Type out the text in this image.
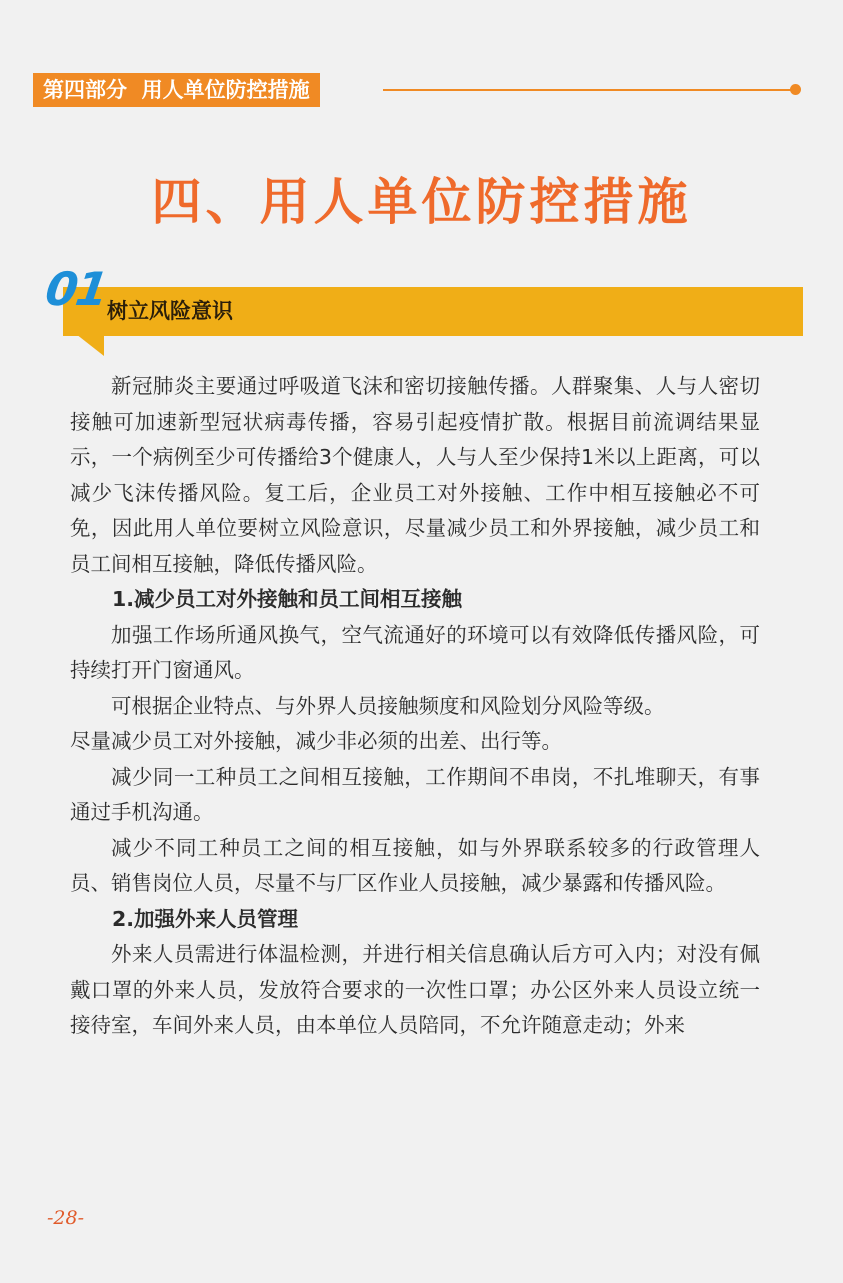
第四部分  用人单位防控措施
四、用人单位防控措施
01
树立风险意识

新冠肺炎主要通过呼吸道飞沫和密切接触传播。人群聚集、人与人密切接触可加速新型冠状病毒传播，容易引起疫情扩散。根据目前流调结果显示，一个病例至少可传播给3个健康人，人与人至少保持1米以上距离，可以减少飞沫传播风险。复工后，企业员工对外接触、工作中相互接触必不可免，因此用人单位要树立风险意识，尽量减少员工和外界接触，减少员工和员工间相互接触，降低传播风险。

1.减少员工对外接触和员工间相互接触

加强工作场所通风换气，空气流通好的环境可以有效降低传播风险，可持续打开门窗通风。

可根据企业特点、与外界人员接触频度和风险划分风险等级。

尽量减少员工对外接触，减少非必须的出差、出行等。

减少同一工种员工之间相互接触，工作期间不串岗，不扎堆聊天，有事通过手机沟通。

减少不同工种员工之间的相互接触，如与外界联系较多的行政管理人员、销售岗位人员，尽量不与厂区作业人员接触，减少暴露和传播风险。

2.加强外来人员管理

外来人员需进行体温检测，并进行相关信息确认后方可入内；对没有佩戴口罩的外来人员，发放符合要求的一次性口罩；办公区外来人员设立统一接待室，车间外来人员，由本单位人员陪同，不允许随意走动；外来

-28-
